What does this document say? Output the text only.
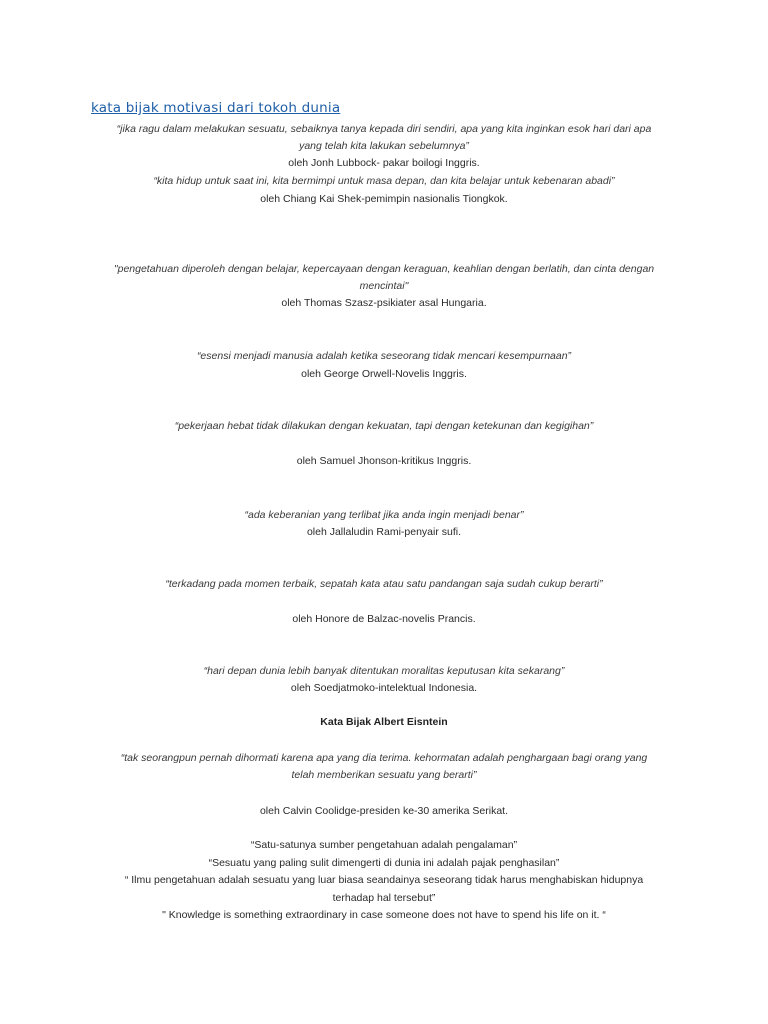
kata bijak motivasi dari tokoh dunia
“jika ragu dalam melakukan sesuatu, sebaiknya tanya kepada diri sendiri, apa yang kita inginkan esok hari dari apa
yang telah kita lakukan sebelumnya”
oleh Jonh Lubbock- pakar boilogi Inggris.
“kita hidup untuk saat ini, kita bermimpi untuk masa depan, dan kita belajar untuk kebenaran abadi”
oleh Chiang Kai Shek-pemimpin nasionalis Tiongkok.
"pengetahuan diperoleh dengan belajar, kepercayaan dengan keraguan, keahlian dengan berlatih, dan cinta dengan
mencintai"
oleh Thomas Szasz-psikiater asal Hungaria.
“esensi menjadi manusia adalah ketika seseorang tidak mencari kesempurnaan”
oleh George Orwell-Novelis Inggris.
“pekerjaan hebat tidak dilakukan dengan kekuatan, tapi dengan ketekunan dan kegigihan”
oleh Samuel Jhonson-kritikus Inggris.
“ada keberanian yang terlibat jika anda ingin menjadi benar”
oleh Jallaludin Rami-penyair sufi.
“terkadang pada momen terbaik, sepatah kata atau satu pandangan saja sudah cukup berarti”
oleh Honore de Balzac-novelis Prancis.
“hari depan dunia lebih banyak ditentukan moralitas keputusan kita sekarang”
oleh Soedjatmoko-intelektual Indonesia.
Kata Bijak Albert Eisntein
“tak seorangpun pernah dihormati karena apa yang dia terima. kehormatan adalah penghargaan bagi orang yang
telah memberikan sesuatu yang berarti”
oleh Calvin Coolidge-presiden ke-30 amerika Serikat.
“Satu-satunya sumber pengetahuan adalah pengalaman”
“Sesuatu yang paling sulit dimengerti di dunia ini adalah pajak penghasilan”
“ Ilmu pengetahuan adalah sesuatu yang luar biasa seandainya seseorang tidak harus menghabiskan hidupnya
terhadap hal tersebut”
" Knowledge is something extraordinary in case someone does not have to spend his life on it. “
